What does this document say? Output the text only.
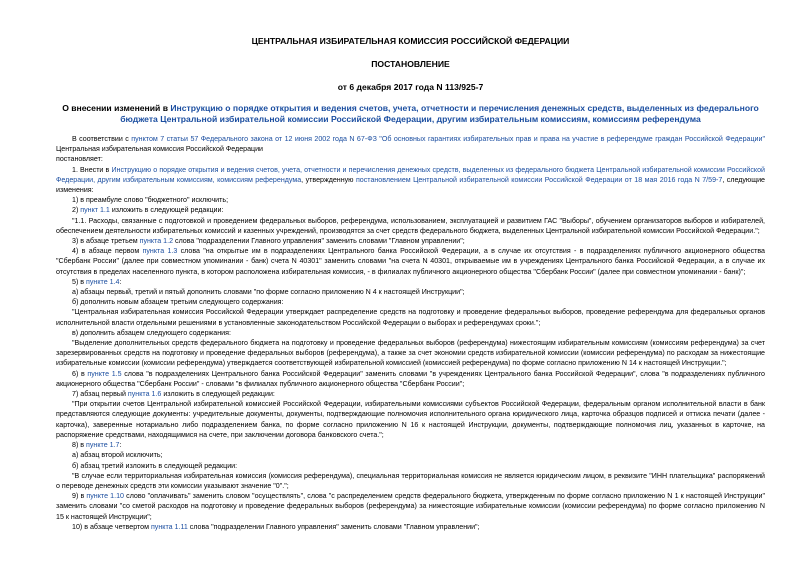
ЦЕНТРАЛЬНАЯ ИЗБИРАТЕЛЬНАЯ КОМИССИЯ РОССИЙСКОЙ ФЕДЕРАЦИИ

ПОСТАНОВЛЕНИЕ

от 6 декабря 2017 года N 113/925-7

О внесении изменений в Инструкцию о порядке открытия и ведения счетов, учета, отчетности и перечисления денежных средств, выделенных из федерального бюджета Центральной избирательной комиссии Российской Федерации, другим избирательным комиссиям, комиссиям референдума

В соответствии с пунктом 7 статьи 57 Федерального закона от 12 июня 2002 года N 67-ФЗ "Об основных гарантиях избирательных прав и права на участие в референдуме граждан Российской Федерации" Центральная избирательная комиссия Российской Федерации

постановляет:

1. Внести в Инструкцию о порядке открытия и ведения счетов, учета, отчетности и перечисления денежных средств, выделенных из федерального бюджета Центральной избирательной комиссии Российской Федерации, другим избирательным комиссиям, комиссиям референдума, утвержденную постановлением Центральной избирательной комиссии Российской Федерации от 18 мая 2016 года N 7/59-7, следующие изменения:

1) в преамбуле слово "бюджетного" исключить;

2) пункт 1.1 изложить в следующей редакции:

"1.1. Расходы, связанные с подготовкой и проведением федеральных выборов, референдума, использованием, эксплуатацией и развитием ГАС "Выборы", обучением организаторов выборов и избирателей, обеспечением деятельности избирательных комиссий и казенных учреждений, производятся за счет средств федерального бюджета, выделенных Центральной избирательной комиссии Российской Федерации.";

3) в абзаце третьем пункта 1.2 слова "подразделении Главного управления" заменить словами "Главном управлении";

4) в абзаце первом пункта 1.3 слова "на открытые им в подразделениях Центрального банка Российской Федерации, а в случае их отсутствия - в подразделениях публичного акционерного общества "Сбербанк России" (далее при совместном упоминании - банк) счета N 40301" заменить словами "на счета N 40301, открываемые им в учреждениях Центрального банка Российской Федерации, а в случае их отсутствия в пределах населенного пункта, в котором расположена избирательная комиссия, - в филиалах публичного акционерного общества "Сбербанк России" (далее при совместном упоминании - банк)";

5) в пункте 1.4:

а) абзацы первый, третий и пятый дополнить словами "по форме согласно приложению N 4 к настоящей Инструкции";

б) дополнить новым абзацем третьим следующего содержания:

"Центральная избирательная комиссия Российской Федерации утверждает распределение средств на подготовку и проведение федеральных выборов, проведение референдума для федеральных органов исполнительной власти отдельными решениями в установленные законодательством Российской Федерации о выборах и референдумах сроки.";

в) дополнить абзацем следующего содержания:

"Выделение дополнительных средств федерального бюджета на подготовку и проведение федеральных выборов (референдума) нижестоящим избирательным комиссиям (комиссиям референдума) за счет зарезервированных средств на подготовку и проведение федеральных выборов (референдума), а также за счет экономии средств избирательной комиссии (комиссии референдума) по расходам за нижестоящие избирательные комиссии (комиссии референдума) утверждается соответствующей избирательной комиссией (комиссией референдума) по форме согласно приложению N 14 к настоящей Инструкции.";

6) в пункте 1.5 слова "в подразделениях Центрального банка Российской Федерации" заменить словами "в учреждениях Центрального банка Российской Федерации", слова "в подразделениях публичного акционерного общества "Сбербанк России" - словами "в филиалах публичного акционерного общества "Сбербанк России";

7) абзац первый пункта 1.6 изложить в следующей редакции:

"При открытии счетов Центральной избирательной комиссией Российской Федерации, избирательными комиссиями субъектов Российской Федерации, федеральным органом исполнительной власти в банк представляются следующие документы: учредительные документы, документы, подтверждающие полномочия исполнительного органа юридического лица, карточка образцов подписей и оттиска печати (далее - карточка), заверенные нотариально либо подразделением банка, по форме согласно приложению N 16 к настоящей Инструкции, документы, подтверждающие полномочия лиц, указанных в карточке, на распоряжение средствами, находящимися на счете, при заключении договора банковского счета.";

8) в пункте 1.7:

а) абзац второй исключить;

б) абзац третий изложить в следующей редакции:

"В случае если территориальная избирательная комиссия (комиссия референдума), специальная территориальная комиссия не является юридическим лицом, в реквизите "ИНН плательщика" распоряжений о переводе денежных средств эти комиссии указывают значение "0".";

9) в пункте 1.10 слово "оплачивать" заменить словом "осуществлять", слова "с распределением средств федерального бюджета, утвержденным по форме согласно приложению N 1 к настоящей Инструкции" заменить словами "со сметой расходов на подготовку и проведение федеральных выборов (референдума) за нижестоящие избирательные комиссии (комиссии референдума) по форме согласно приложению N 15 к настоящей Инструкции";

10) в абзаце четвертом пункта 1.11 слова "подразделении Главного управления" заменить словами "Главном управлении";
